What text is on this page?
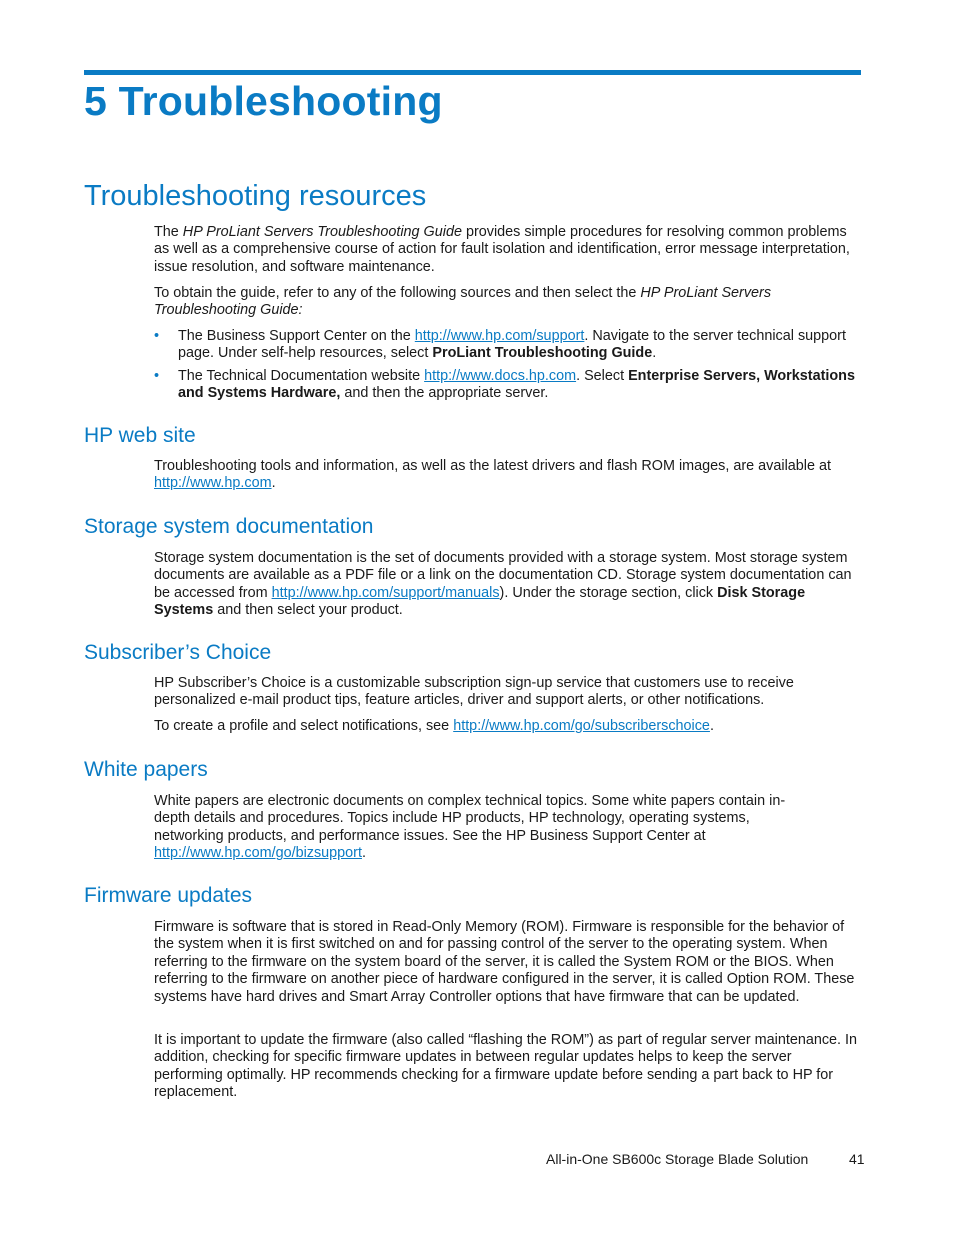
5 Troubleshooting
Troubleshooting resources

The HP ProLiant Servers Troubleshooting Guide provides simple procedures for resolving common problems as well as a comprehensive course of action for fault isolation and identification, error message interpretation, issue resolution, and software maintenance.

To obtain the guide, refer to any of the following sources and then select the HP ProLiant Servers Troubleshooting Guide:

• The Business Support Center on the http://www.hp.com/support. Navigate to the server technical support page. Under self-help resources, select ProLiant Troubleshooting Guide.

• The Technical Documentation website http://www.docs.hp.com. Select Enterprise Servers, Workstations and Systems Hardware, and then the appropriate server.

HP web site

Troubleshooting tools and information, as well as the latest drivers and flash ROM images, are available at http://www.hp.com.

Storage system documentation

Storage system documentation is the set of documents provided with a storage system. Most storage system documents are available as a PDF file or a link on the documentation CD. Storage system documentation can be accessed from http://www.hp.com/support/manuals). Under the storage section, click Disk Storage Systems and then select your product.

Subscriber’s Choice

HP Subscriber’s Choice is a customizable subscription sign-up service that customers use to receive personalized e-mail product tips, feature articles, driver and support alerts, or other notifications.

To create a profile and select notifications, see http://www.hp.com/go/subscriberschoice.

White papers

White papers are electronic documents on complex technical topics. Some white papers contain in-depth details and procedures. Topics include HP products, HP technology, operating systems, networking products, and performance issues. See the HP Business Support Center at http://www.hp.com/go/bizsupport.

Firmware updates

Firmware is software that is stored in Read-Only Memory (ROM). Firmware is responsible for the behavior of the system when it is first switched on and for passing control of the server to the operating system. When referring to the firmware on the system board of the server, it is called the System ROM or the BIOS. When referring to the firmware on another piece of hardware configured in the server, it is called Option ROM. These systems have hard drives and Smart Array Controller options that have firmware that can be updated.

It is important to update the firmware (also called “flashing the ROM”) as part of regular server maintenance. In addition, checking for specific firmware updates in between regular updates helps to keep the server performing optimally. HP recommends checking for a firmware update before sending a part back to HP for replacement.

All-in-One SB600c Storage Blade Solution	41
